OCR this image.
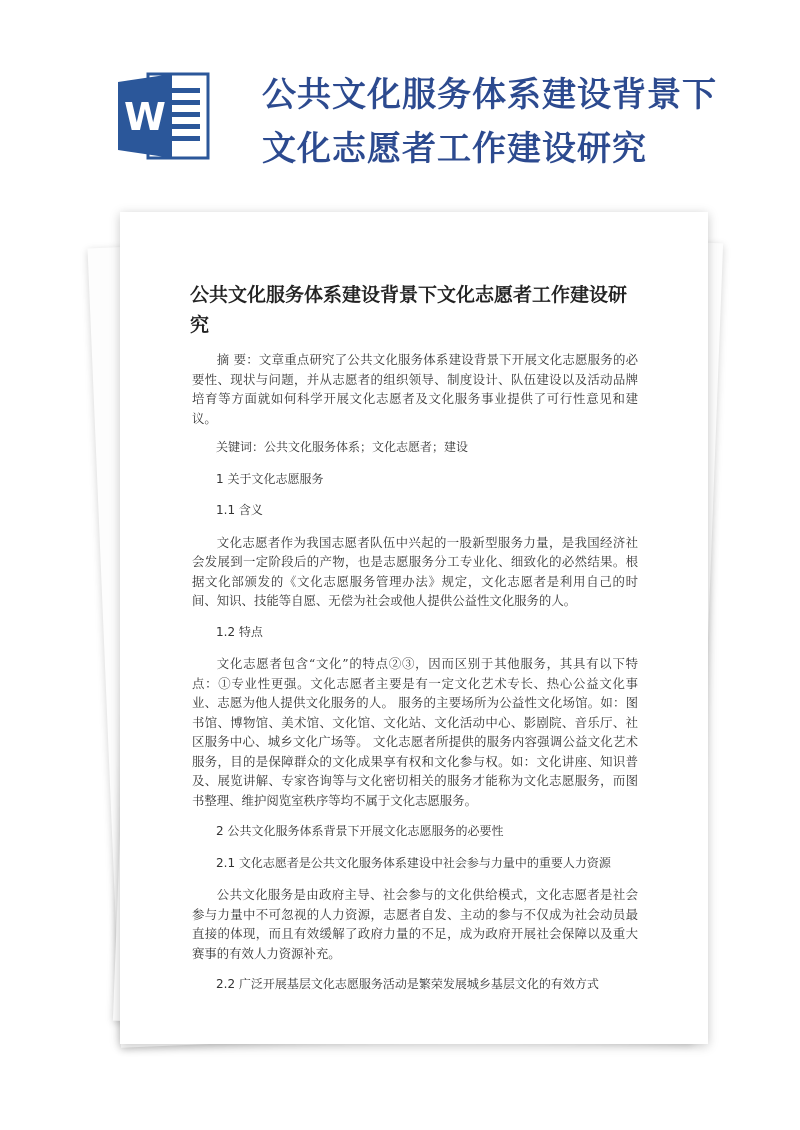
W	公共文化服务体系建设背景下
文化志愿者工作建设研究
公共文化服务体系建设背景下文化志愿者工作建设研究

摘 要：文章重点研究了公共文化服务体系建设背景下开展文化志愿服务的必要性、现状与问题，并从志愿者的组织领导、制度设计、队伍建设以及活动品牌培育等方面就如何科学开展文化志愿者及文化服务事业提供了可行性意见和建议。

关键词：公共文化服务体系；文化志愿者；建设
1 关于文化志愿服务
1.1 含义

文化志愿者作为我国志愿者队伍中兴起的一股新型服务力量，是我国经济社会发展到一定阶段后的产物，也是志愿服务分工专业化、细致化的必然结果。根据文化部颁发的《文化志愿服务管理办法》规定，文化志愿者是利用自己的时间、知识、技能等自愿、无偿为社会或他人提供公益性文化服务的人。

1.2 特点

文化志愿者包含“文化”的特点②③，因而区别于其他服务，其具有以下特点：①专业性更强。文化志愿者主要是有一定文化艺术专长、热心公益文化事业、志愿为他人提供文化服务的人。 服务的主要场所为公益性文化场馆。如：图书馆、博物馆、美术馆、文化馆、文化站、文化活动中心、影剧院、音乐厅、社区服务中心、城乡文化广场等。 文化志愿者所提供的服务内容强调公益文化艺术服务，目的是保障群众的文化成果享有权和文化参与权。如：文化讲座、知识普及、展览讲解、专家咨询等与文化密切相关的服务才能称为文化志愿服务，而图书整理、维护阅览室秩序等均不属于文化志愿服务。

2 公共文化服务体系背景下开展文化志愿服务的必要性
2.1 文化志愿者是公共文化服务体系建设中社会参与力量中的重要人力资源

公共文化服务是由政府主导、社会参与的文化供给模式，文化志愿者是社会参与力量中不可忽视的人力资源，志愿者自发、主动的参与不仅成为社会动员最直接的体现，而且有效缓解了政府力量的不足，成为政府开展社会保障以及重大赛事的有效人力资源补充。

2.2 广泛开展基层文化志愿服务活动是繁荣发展城乡基层文化的有效方式
